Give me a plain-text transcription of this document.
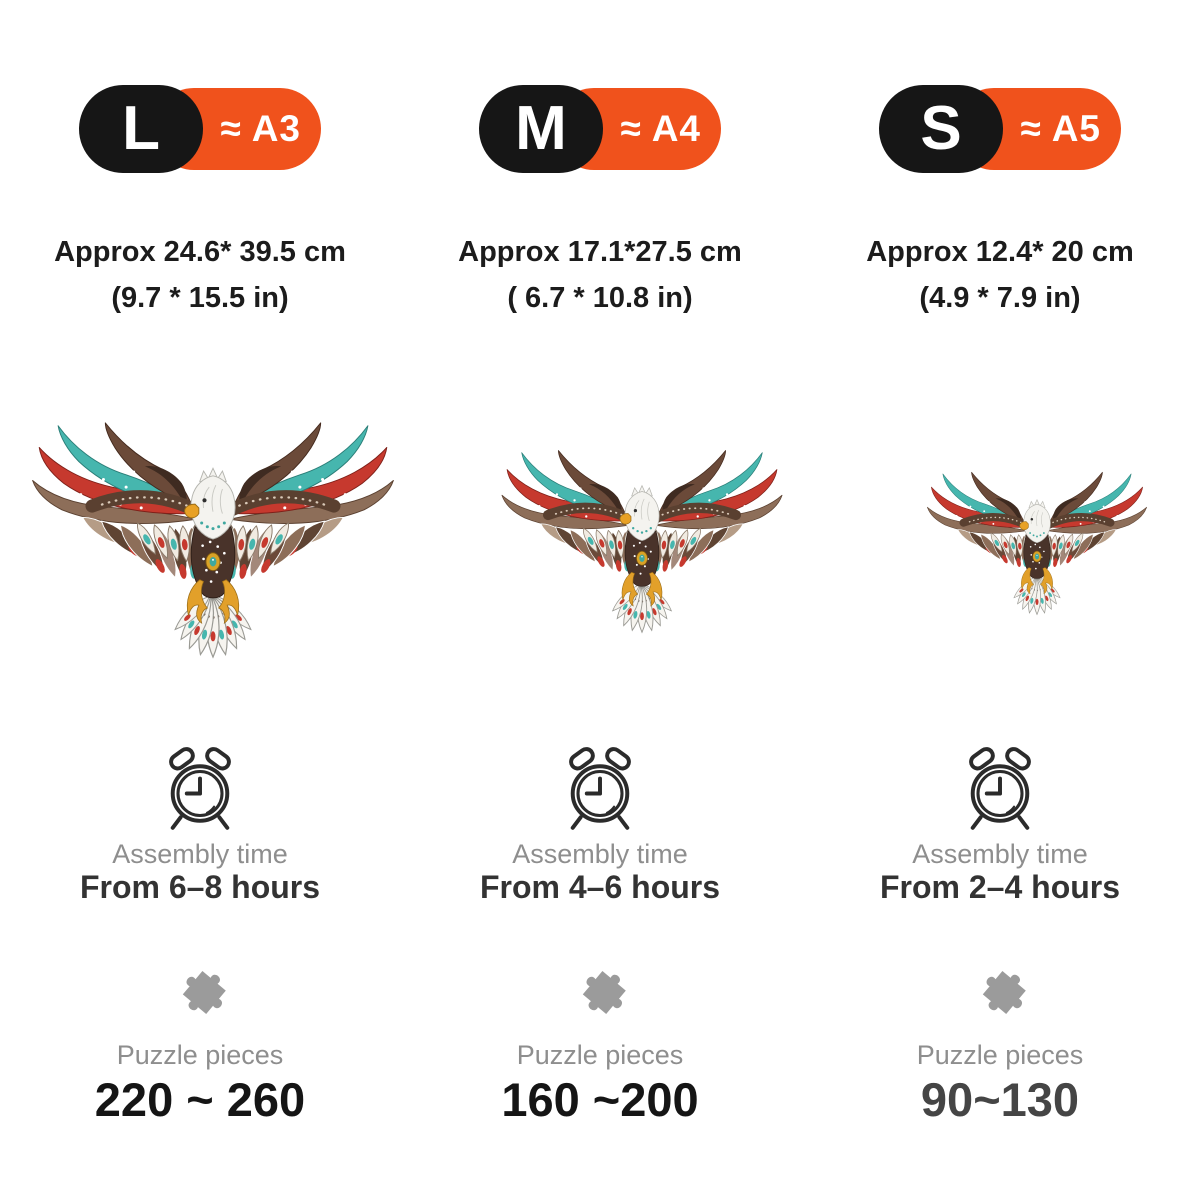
≈ A3
L
Approx 24.6* 39.5 cm
(9.7 * 15.5 in)
Assembly time
From 6–8 hours
Puzzle pieces
220 ~ 260
≈ A4
M
Approx 17.1*27.5 cm
( 6.7 * 10.8 in)
Assembly time
From 4–6 hours
Puzzle pieces
160 ~200
≈ A5
S
Approx 12.4* 20 cm
(4.9 * 7.9 in)
Assembly time
From 2–4 hours
Puzzle pieces
90~130
